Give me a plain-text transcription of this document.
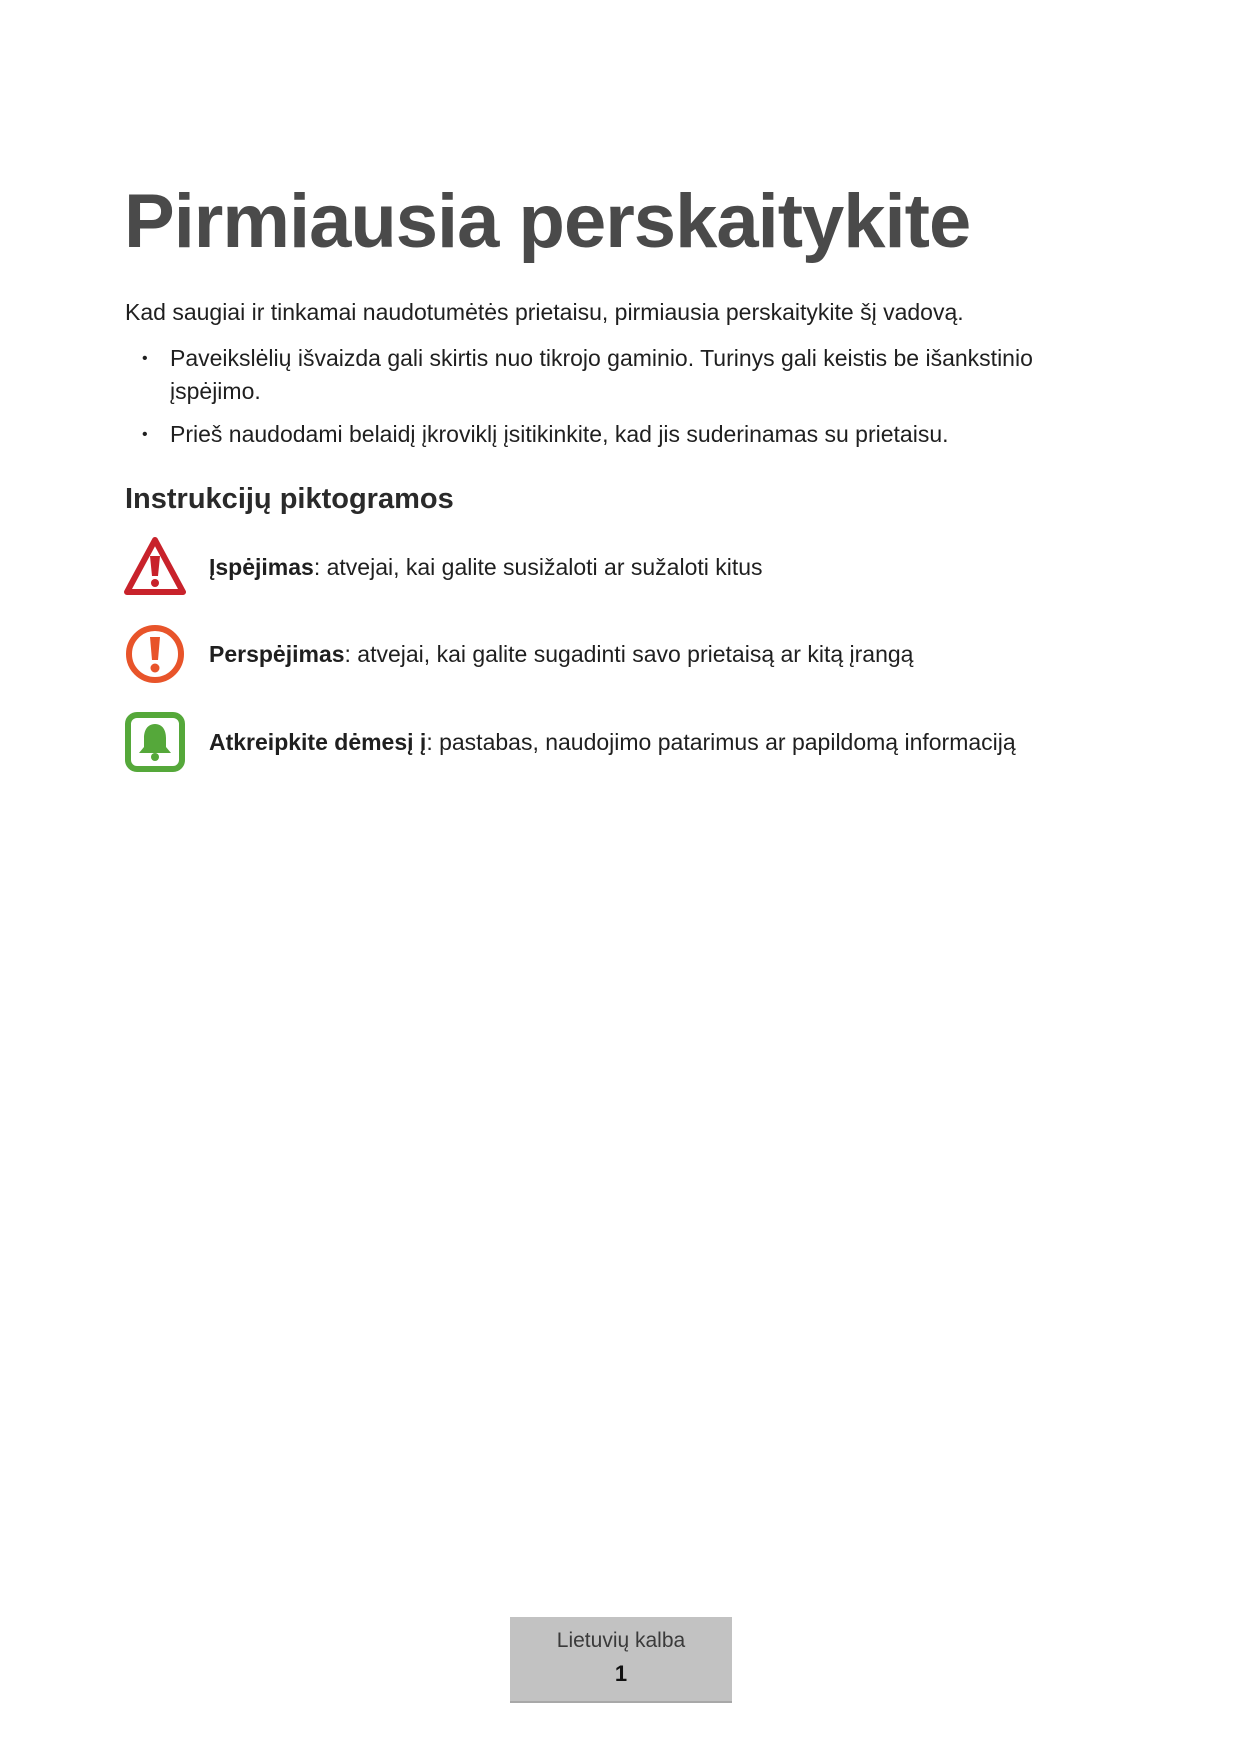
Pirmiausia perskaitykite

Kad saugiai ir tinkamai naudotumėtės prietaisu, pirmiausia perskaitykite šį vadovą.

• Paveikslėlių išvaizda gali skirtis nuo tikrojo gaminio. Turinys gali keistis be išankstinio įspėjimo.
• Prieš naudodami belaidį įkroviklį įsitikinkite, kad jis suderinamas su prietaisu.
Instrukcijų piktogramos
Įspėjimas: atvejai, kai galite susižaloti ar sužaloti kitus
Perspėjimas: atvejai, kai galite sugadinti savo prietaisą ar kitą įrangą
Atkreipkite dėmesį į: pastabas, naudojimo patarimus ar papildomą informaciją
Lietuvių kalba
1
